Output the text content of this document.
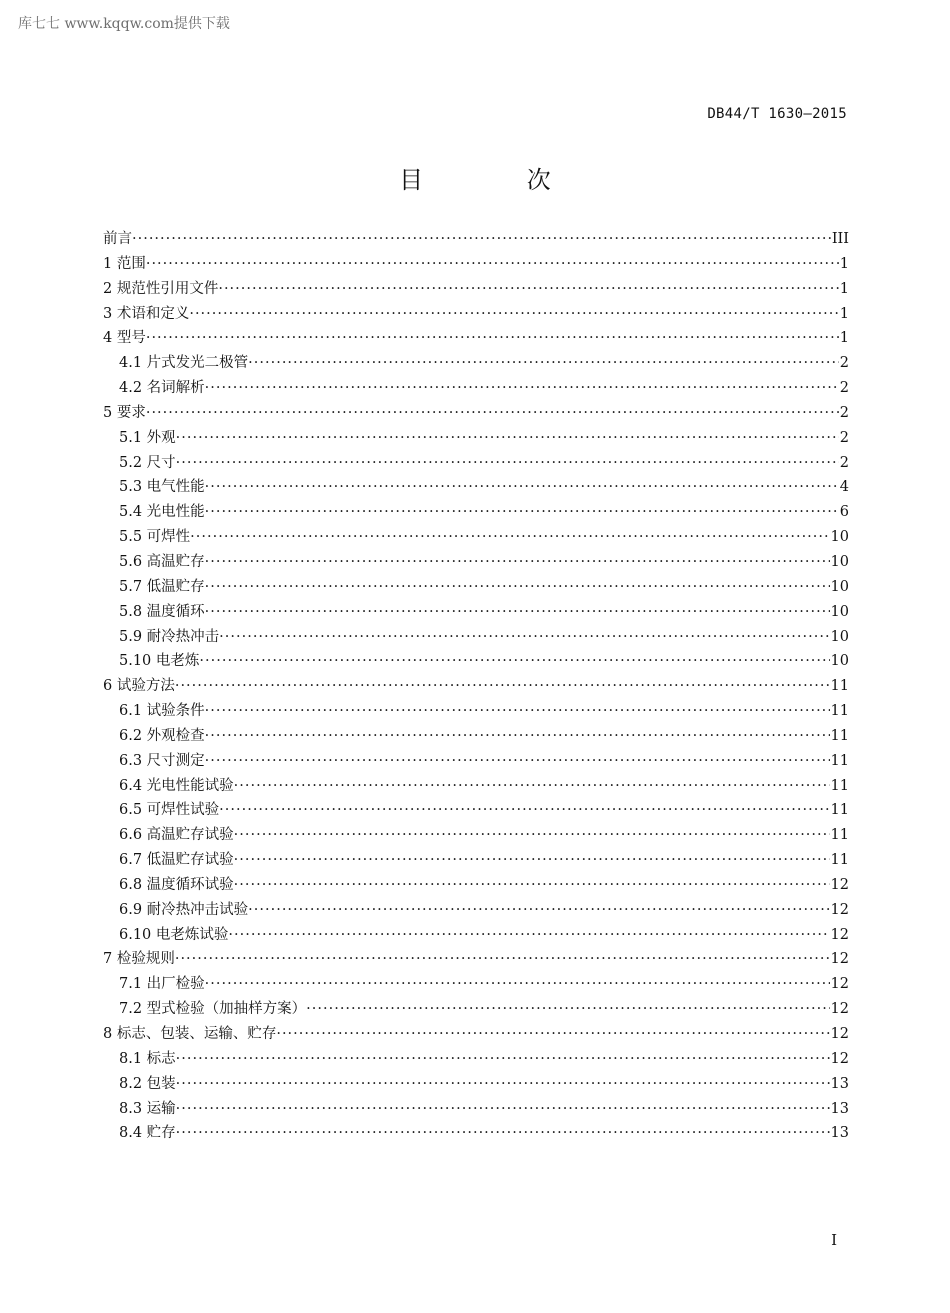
库七七 www.kqqw.com提供下载
DB44/T 1630—2015
目 次
前言 ·····	III
1 范围 ·····	1
2 规范性引用文件 ·····	1
3 术语和定义 ·····	1
4 型号 ·····	1
4.1 片式发光二极管 ·····	2
4.2 名词解析 ·····	2
5 要求 ·····	2
5.1 外观 ·····	2
5.2 尺寸 ·····	2
5.3 电气性能 ·····	4
5.4 光电性能 ·····	6
5.5 可焊性 ·····	10
5.6 高温贮存 ·····	10
5.7 低温贮存 ·····	10
5.8 温度循环 ·····	10
5.9 耐冷热冲击 ·····	10
5.10 电老炼 ·····	10
6 试验方法 ·····	11
6.1 试验条件 ·····	11
6.2 外观检查 ·····	11
6.3 尺寸测定 ·····	11
6.4 光电性能试验 ·····	11
6.5 可焊性试验 ·····	11
6.6 高温贮存试验 ·····	11
6.7 低温贮存试验 ·····	11
6.8 温度循环试验 ·····	12
6.9 耐冷热冲击试验 ·····	12
6.10 电老炼试验 ·····	12
7 检验规则 ·····	12
7.1 出厂检验 ·····	12
7.2 型式检验（加抽样方案） ·····	12
8 标志、包装、运输、贮存 ·····	12
8.1 标志 ·····	12
8.2 包装 ·····	13
8.3 运输 ·····	13
8.4 贮存 ·····	13
I
